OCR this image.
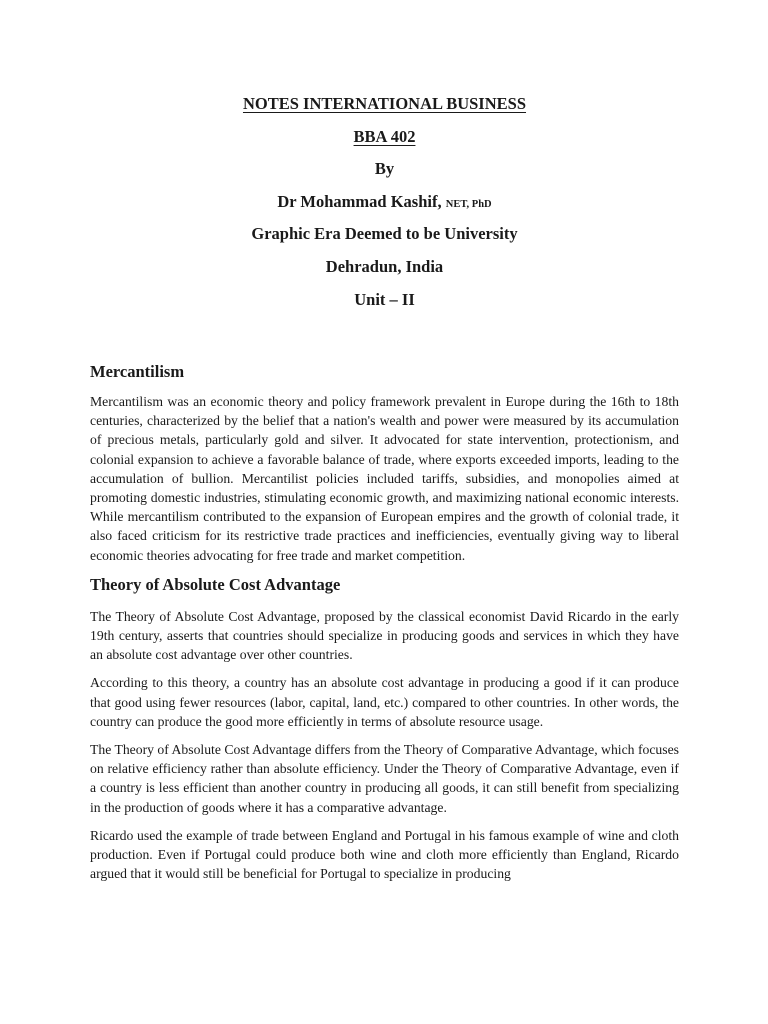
NOTES INTERNATIONAL BUSINESS
BBA 402
By
Dr Mohammad Kashif, NET, PhD
Graphic Era Deemed to be University
Dehradun, India
Unit – II
Mercantilism

Mercantilism was an economic theory and policy framework prevalent in Europe during the 16th to 18th centuries, characterized by the belief that a nation's wealth and power were measured by its accumulation of precious metals, particularly gold and silver. It advocated for state intervention, protectionism, and colonial expansion to achieve a favorable balance of trade, where exports exceeded imports, leading to the accumulation of bullion. Mercantilist policies included tariffs, subsidies, and monopolies aimed at promoting domestic industries, stimulating economic growth, and maximizing national economic interests. While mercantilism contributed to the expansion of European empires and the growth of colonial trade, it also faced criticism for its restrictive trade practices and inefficiencies, eventually giving way to liberal economic theories advocating for free trade and market competition.

Theory of Absolute Cost Advantage

The Theory of Absolute Cost Advantage, proposed by the classical economist David Ricardo in the early 19th century, asserts that countries should specialize in producing goods and services in which they have an absolute cost advantage over other countries.

According to this theory, a country has an absolute cost advantage in producing a good if it can produce that good using fewer resources (labor, capital, land, etc.) compared to other countries. In other words, the country can produce the good more efficiently in terms of absolute resource usage.

The Theory of Absolute Cost Advantage differs from the Theory of Comparative Advantage, which focuses on relative efficiency rather than absolute efficiency. Under the Theory of Comparative Advantage, even if a country is less efficient than another country in producing all goods, it can still benefit from specializing in the production of goods where it has a comparative advantage.

Ricardo used the example of trade between England and Portugal in his famous example of wine and cloth production. Even if Portugal could produce both wine and cloth more efficiently than England, Ricardo argued that it would still be beneficial for Portugal to specialize in producing
